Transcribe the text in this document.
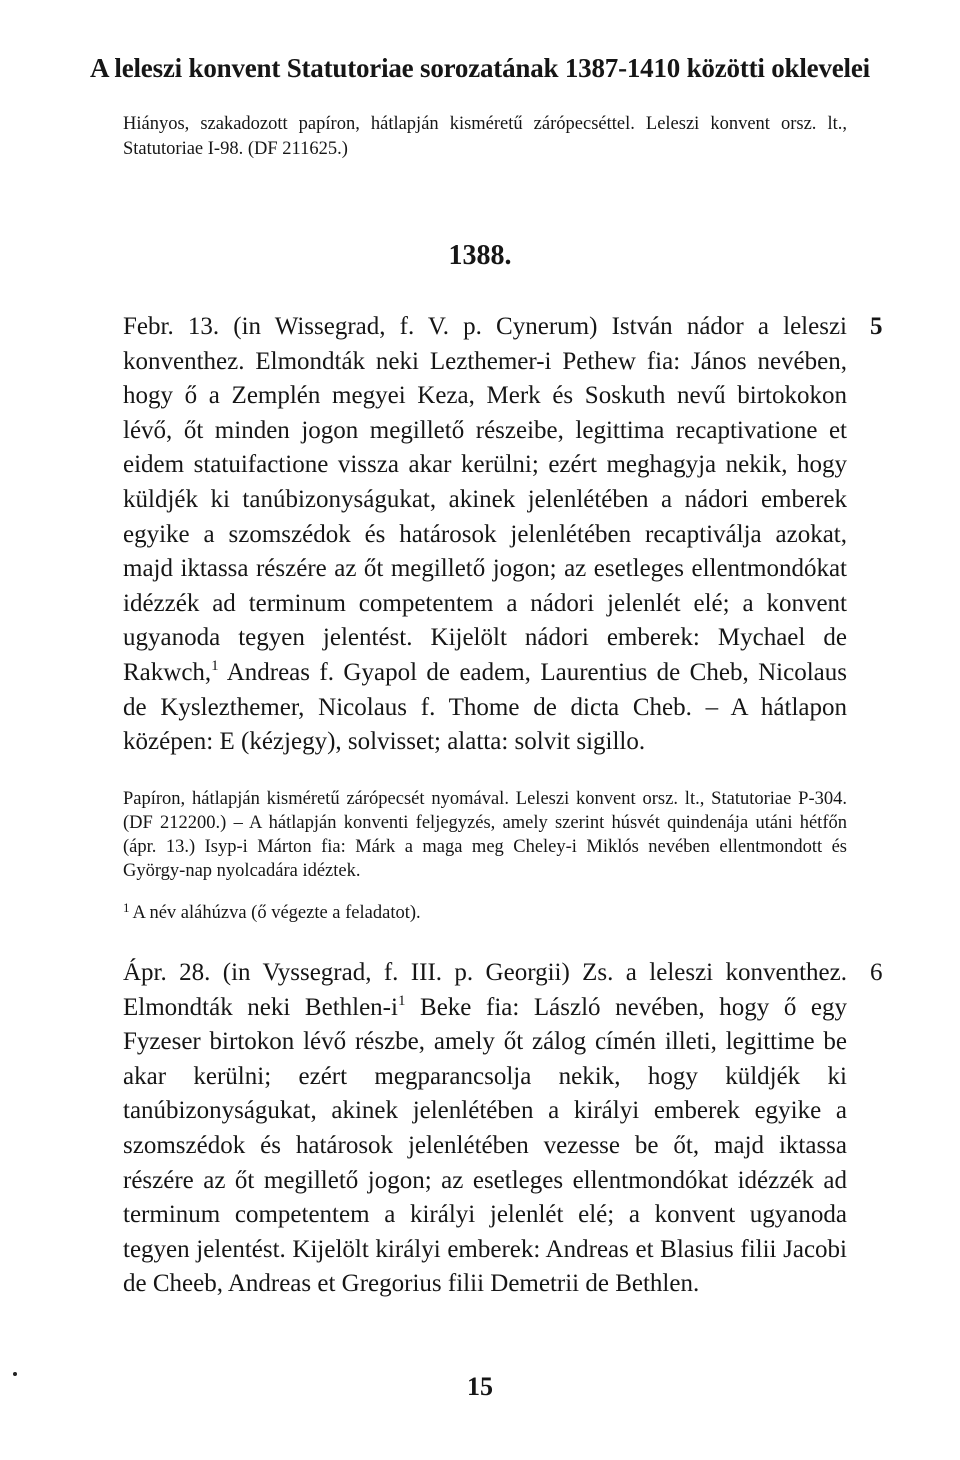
A leleszi konvent Statutoriae sorozatának 1387-1410 közötti oklevelei
Hiányos, szakadozott papíron, hátlapján kisméretű zárópecséttel. Leleszi konvent orsz. lt., Statutoriae I-98. (DF 211625.)
1388.
5
Febr. 13. (in Wissegrad, f. V. p. Cynerum) István nádor a leleszi konventhez. Elmondták neki Lezthemer-i Pethew fia: János nevében, hogy ő a Zemplén megyei Keza, Merk és Soskuth nevű birtokokon lévő, őt minden jogon megillető részeibe, legittima recaptivatione et eidem statuifactione vissza akar kerülni; ezért meghagyja nekik, hogy küldjék ki tanúbizonyságukat, akinek jelenlétében a nádori emberek egyike a szomszédok és határosok jelenlétében recaptiválja azokat, majd iktassa részére az őt megillető jogon; az esetleges ellentmondókat idézzék ad terminum competentem a nádori jelenlét elé; a konvent ugyanoda tegyen jelentést. Kijelölt nádori emberek: Mychael de Rakwch,$^1$ Andreas f. Gyapol de eadem, Laurentius de Cheb, Nicolaus de Kyslezthemer, Nicolaus f. Thome de dicta Cheb. – A hátlapon középen: E (kézjegy), solvisset; alatta: solvit sigillo.
Papíron, hátlapján kisméretű zárópecsét nyomával. Leleszi konvent orsz. lt., Statutoriae P-304. (DF 212200.) – A hátlapján konventi feljegyzés, amely szerint húsvét quindenája utáni hétfőn (ápr. 13.) Isyp-i Márton fia: Márk a maga meg Cheley-i Miklós nevében ellentmondott és György-nap nyolcadára idéztek.
$^1$ A név aláhúzva (ő végezte a feladatot).
6
Ápr. 28. (in Vyssegrad, f. III. p. Georgii) Zs. a leleszi konventhez. Elmondták neki Bethlen-$i^1$ Beke fia: László nevében, hogy ő egy Fyzeser birtokon lévő részbe, amely őt zálog címén illeti, legittime be akar kerülni; ezért megparancsolja nekik, hogy küldjék ki tanúbizonyságukat, akinek jelenlétében a királyi emberek egyike a szomszédok és határosok jelenlétében vezesse be őt, majd iktassa részére az őt megillető jogon; az esetleges ellentmondókat idézzék ad terminum competentem a királyi jelenlét elé; a konvent ugyanoda tegyen jelentést. Kijelölt királyi emberek: Andreas et Blasius filii Jacobi de Cheeb, Andreas et Gregorius filii Demetrii de Bethlen.
15
